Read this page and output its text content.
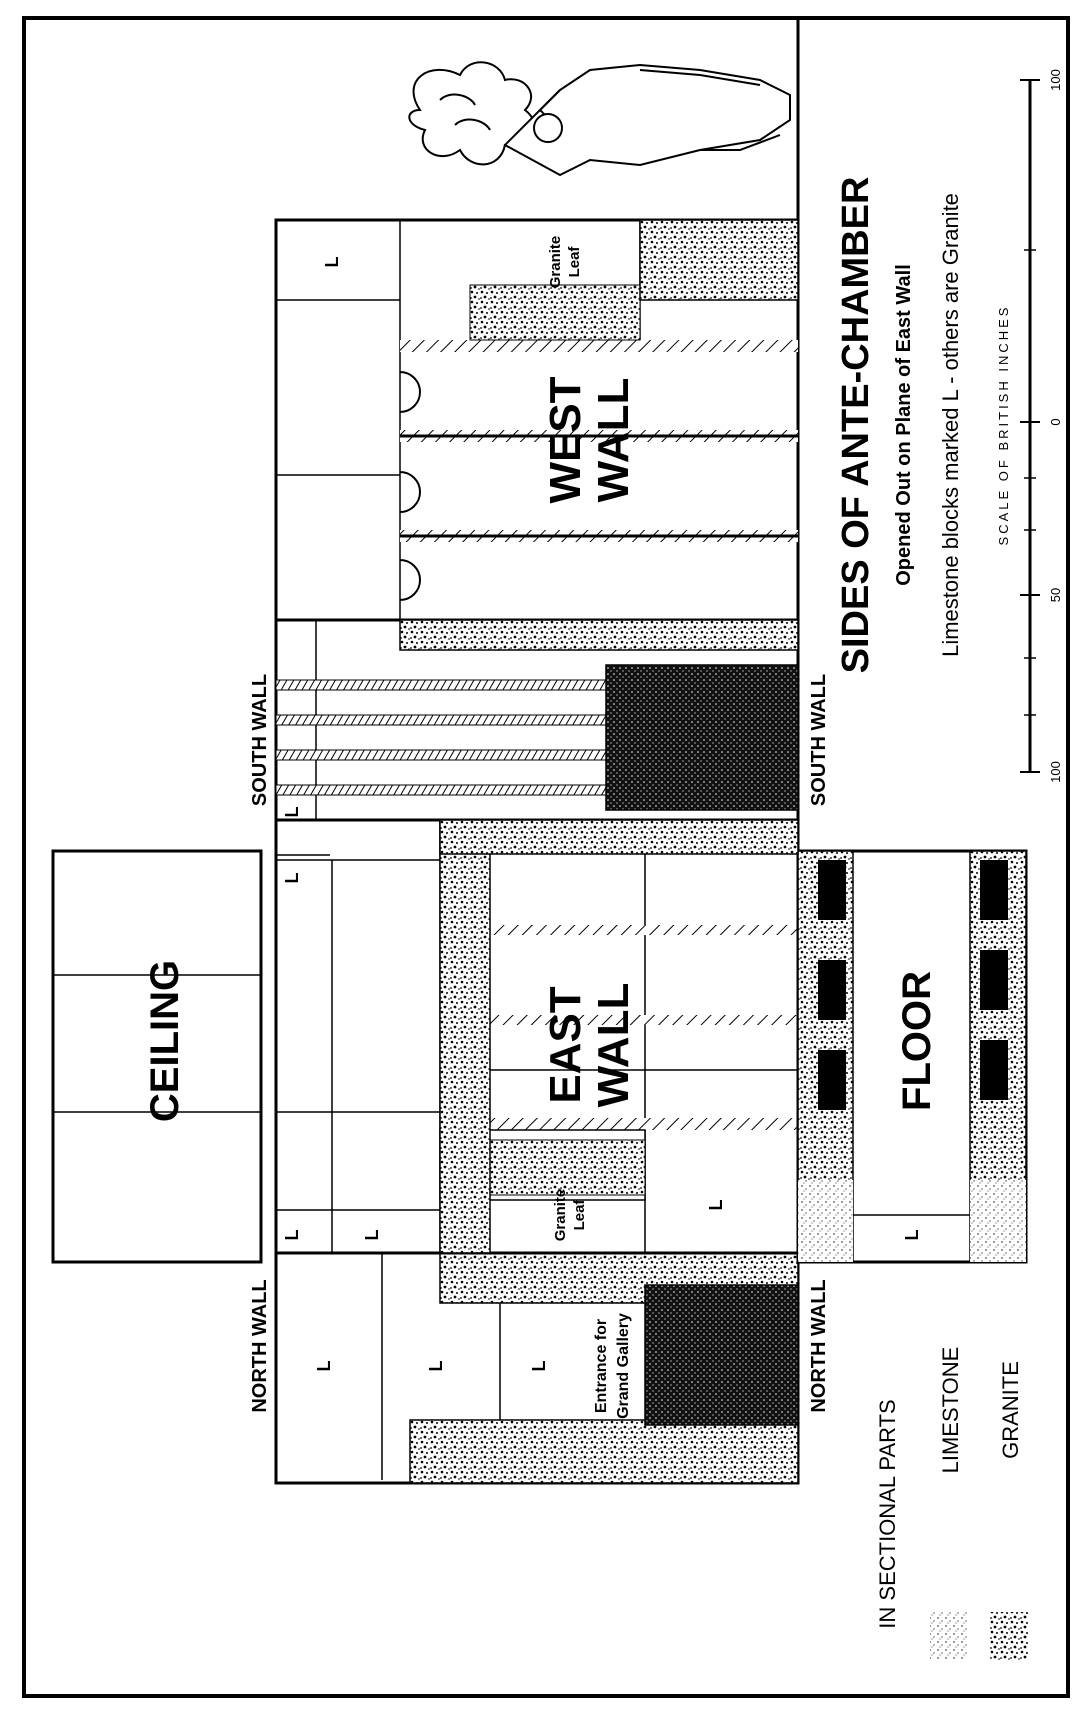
CEILING
L	L	L	Entrance for Grand Gallery
NORTH WALL	NORTH WALL
EAST WALL
Granite Leaf
L	L
L
L
FLOOR
L
L
SOUTH WALL	SOUTH WALL
WEST WALL
Granite Leaf
L
IN SECTIONAL PARTS LIMESTONE GRANITE
SIDES OF ANTE-CHAMBER Opened Out on Plane of East Wall Limestone blocks marked L - others are Granite
100
0
50
100
SCALE OF BRITISH INCHES
